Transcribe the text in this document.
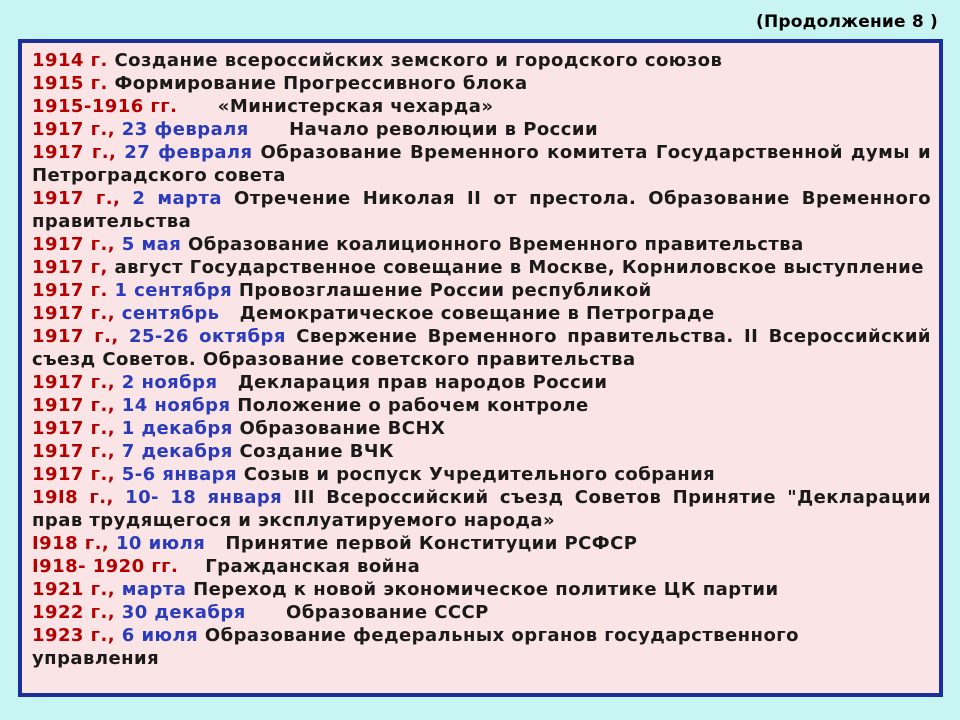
(Продолжение 8 )
1914 г. Создание всероссийских земского и городского союзов
1915 г. Формирование Прогрессивного блока
1915-1916 гг. «Министерская чехарда»
1917 г., 23 февраля Начало революции в России
1917 г., 27 февраля Образование Временного комитета Государственной думы и Петроградского совета
1917 г., 2 марта Отречение Николая II от престола. Образование Временного правительства
1917 г., 5 мая Образование коалиционного Временного правительства
1917 г, август Государственное совещание в Москве, Корниловское выступление
1917 г. 1 сентября Провозглашение России республикой
1917 г., сентябрь Демократическое совещание в Петрограде
1917 г., 25-26 октября Свержение Временного правительства. II Всероссийский съезд Советов. Образование советского правительства
1917 г., 2 ноября Декларация прав народов России
1917 г., 14 ноября Положение о рабочем контроле
1917 г., 1 декабря Образование ВСНХ
1917 г., 7 декабря Создание ВЧК
1917 г., 5-6 января Созыв и роспуск Учредительного собрания
19I8 г., 10- 18 января III Всероссийский съезд Советов Принятие "Декларации прав трудящегося и эксплуатируемого народа»
I918 г., 10 июля Принятие первой Конституции РСФСР
I918- 1920 гг. Гражданская война
1921 г., марта Переход к новой экономическое политике ЦК партии
1922 г., 30 декабря Образование СССР
1923 г., 6 июля Образование федеральных органов государственного управления
